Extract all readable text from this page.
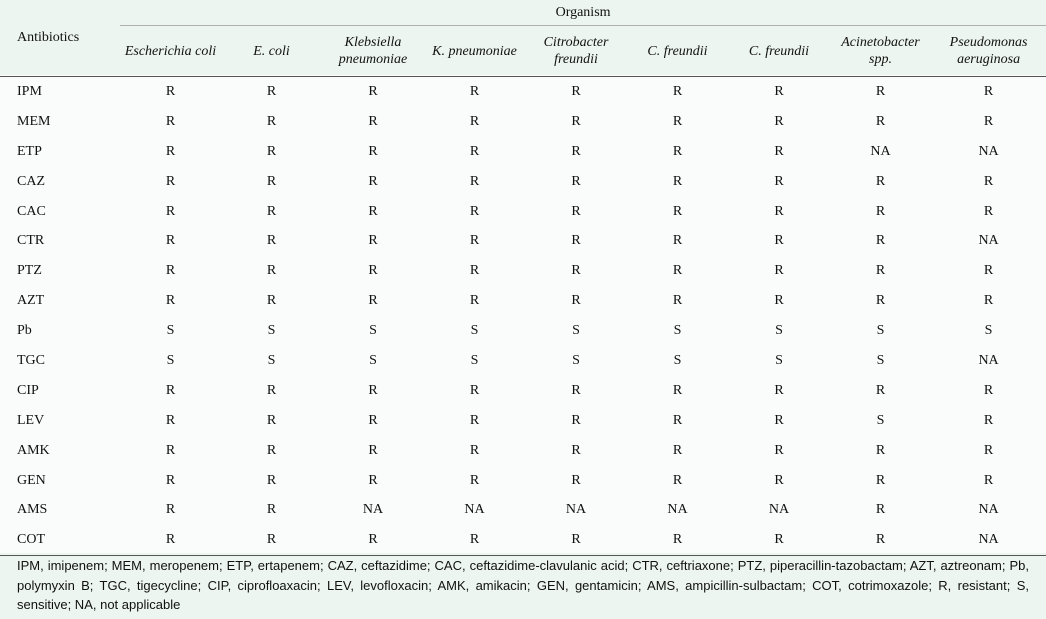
Antibiotics	Organism								
	Escherichia coli	E. coli	Klebsiella pneumoniae	K. pneumoniae	Citrobacter freundii	C. freundii	C. freundii	Acinetobacter spp.	Pseudomonas aeruginosa
IPM	R	R	R	R	R	R	R	R	R
MEM	R	R	R	R	R	R	R	R	R
ETP	R	R	R	R	R	R	R	NA	NA
CAZ	R	R	R	R	R	R	R	R	R
CAC	R	R	R	R	R	R	R	R	R
CTR	R	R	R	R	R	R	R	R	NA
PTZ	R	R	R	R	R	R	R	R	R
AZT	R	R	R	R	R	R	R	R	R
Pb	S	S	S	S	S	S	S	S	S
TGC	S	S	S	S	S	S	S	S	NA
CIP	R	R	R	R	R	R	R	R	R
LEV	R	R	R	R	R	R	R	S	R
AMK	R	R	R	R	R	R	R	R	R
GEN	R	R	R	R	R	R	R	R	R
AMS	R	R	NA	NA	NA	NA	NA	R	NA
COT	R	R	R	R	R	R	R	R	NA
IPM, imipenem; MEM, meropenem; ETP, ertapenem; CAZ, ceftazidime; CAC, ceftazidime-clavulanic acid; CTR, ceftriaxone; PTZ, piperacillin-tazobactam; AZT, aztreonam; Pb, polymyxin B; TGC, tigecycline; CIP, ciprofloaxacin; LEV, levofloxacin; AMK, amikacin; GEN, gentamicin; AMS, ampicillin-sulbactam; COT, cotrimoxazole; R, resistant; S, sensitive; NA, not applicable
